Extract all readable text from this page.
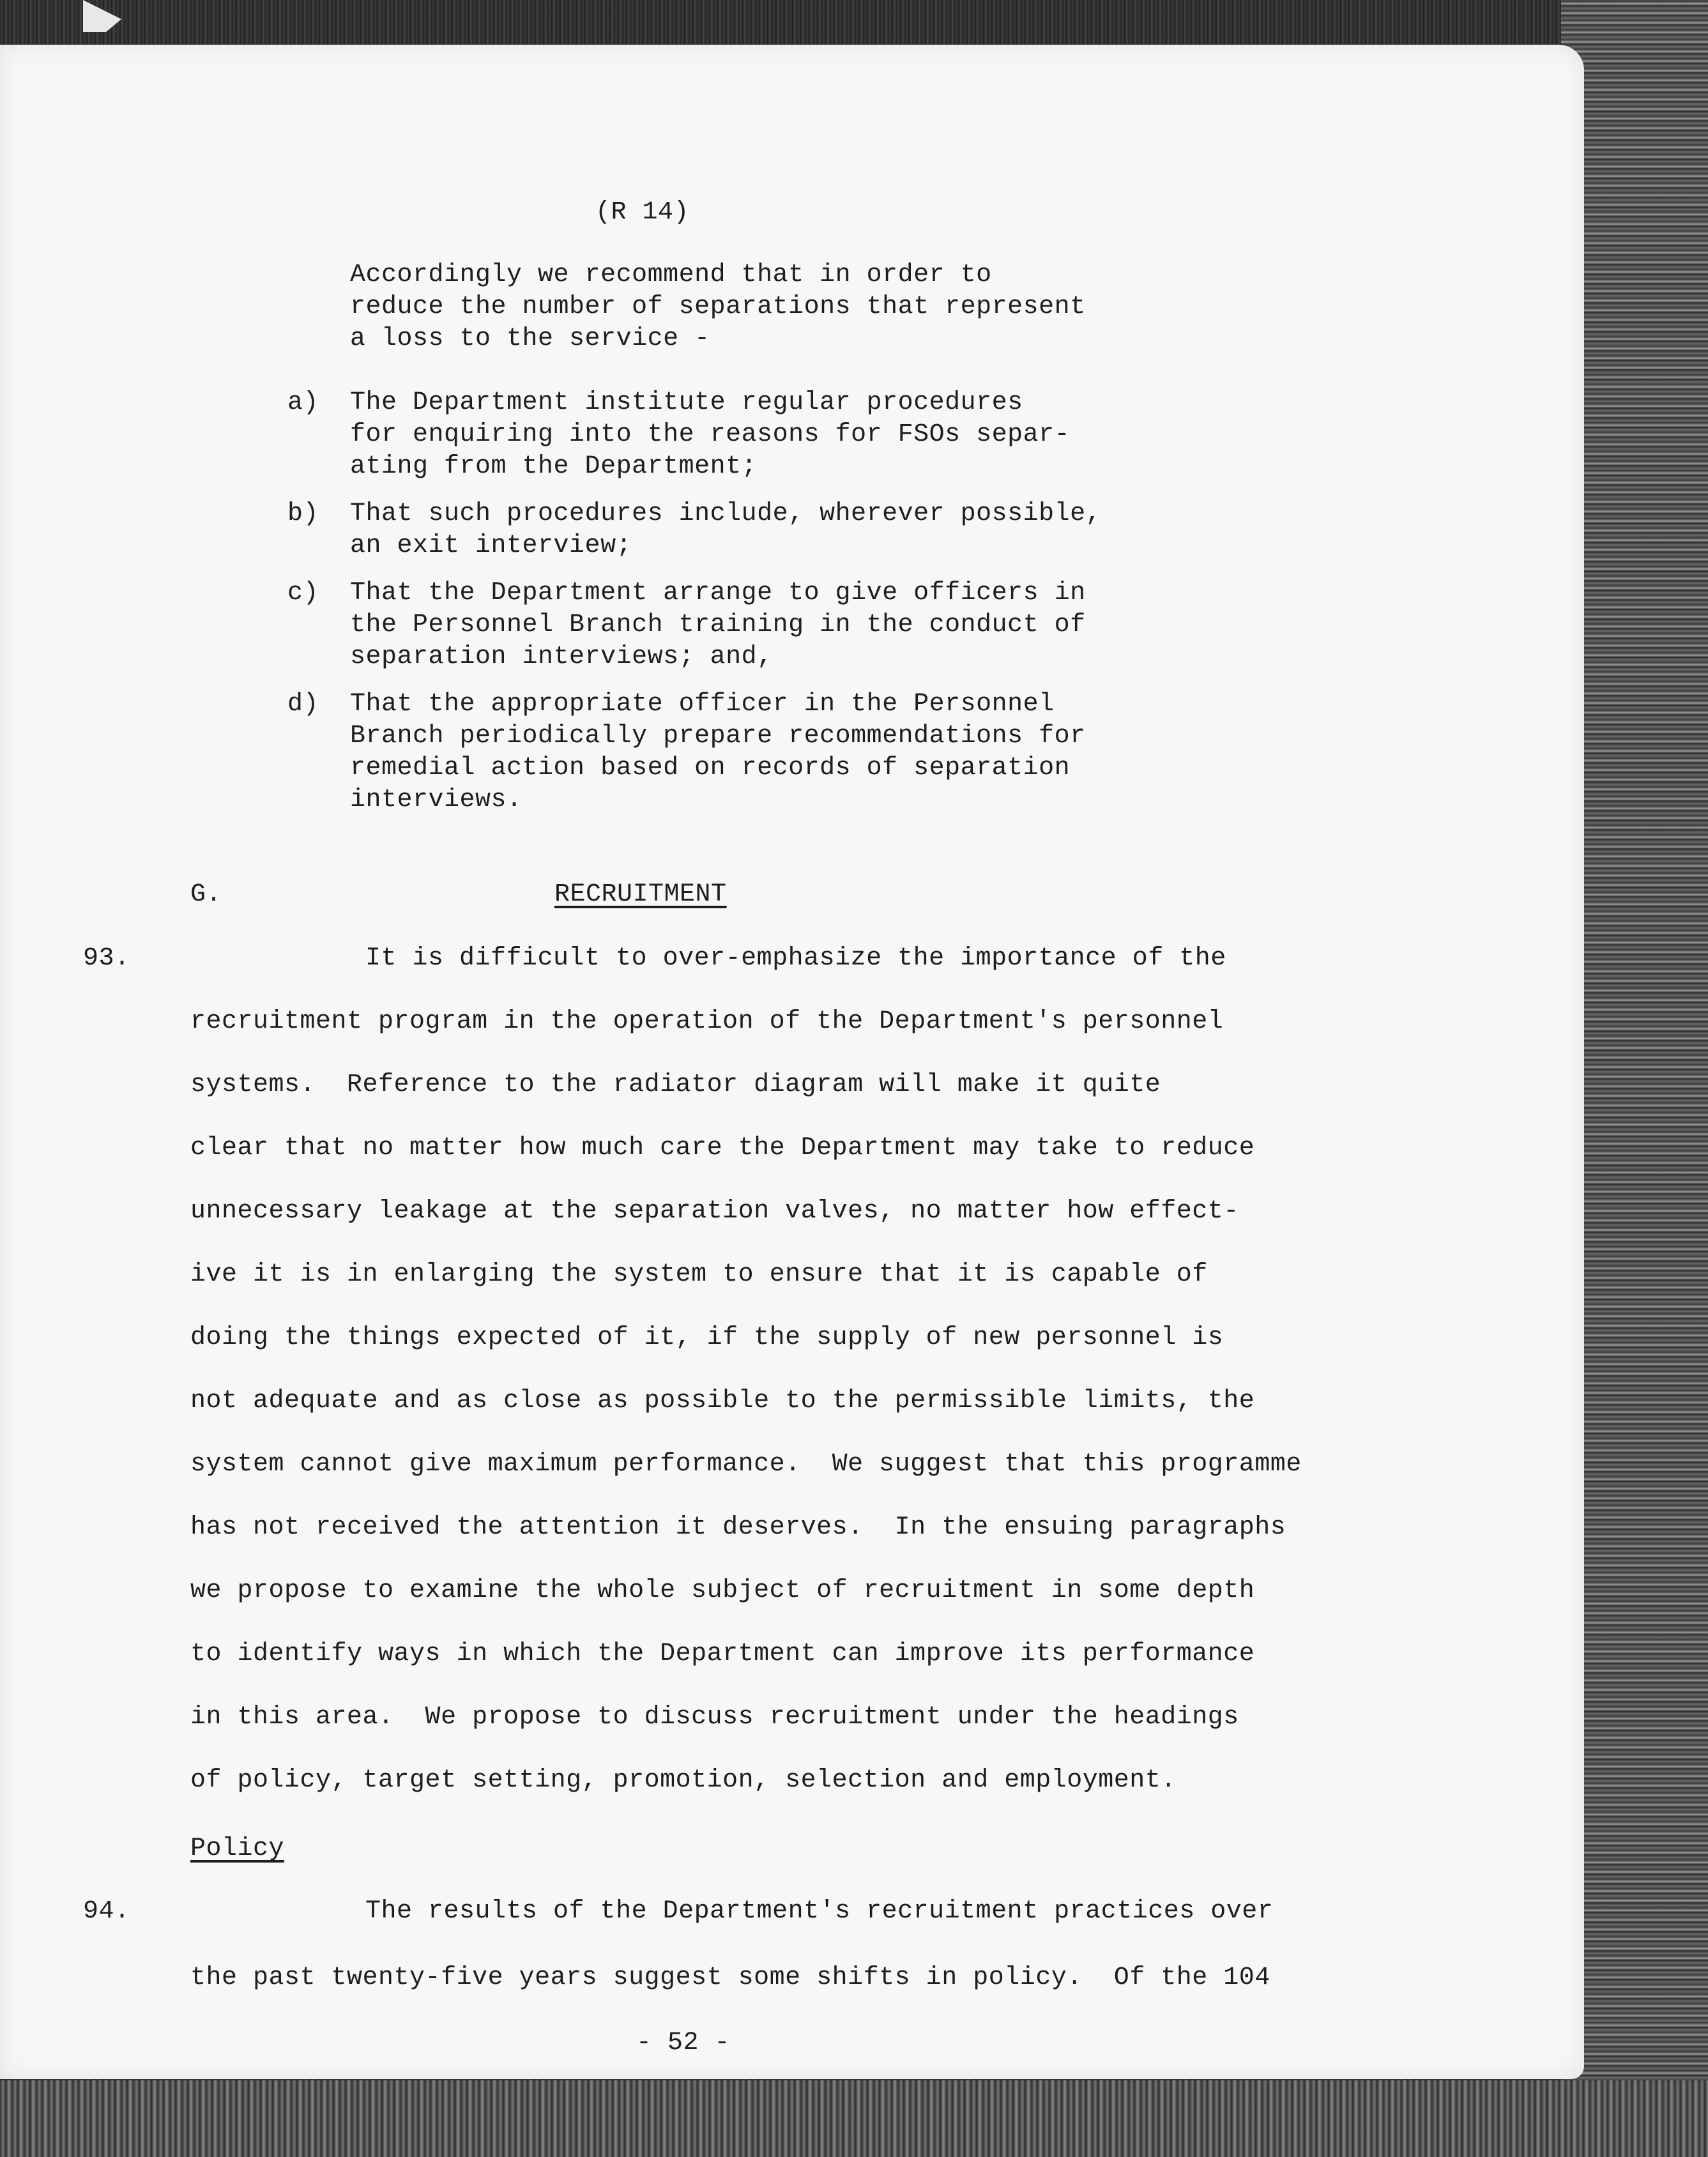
(R 14)
Accordingly we recommend that in order to
reduce the number of separations that represent
a loss to the service -
a) The Department institute regular procedures
for enquiring into the reasons for FSOs separ-
ating from the Department;
b) That such procedures include, wherever possible,
an exit interview;
c) That the Department arrange to give officers in
the Personnel Branch training in the conduct of
separation interviews; and,
d) That the appropriate officer in the Personnel
Branch periodically prepare recommendations for
remedial action based on records of separation
interviews.
G.	RECRUITMENT
93.	It is difficult to over-emphasize the importance of the
recruitment program in the operation of the Department's personnel
systems.  Reference to the radiator diagram will make it quite
clear that no matter how much care the Department may take to reduce
unnecessary leakage at the separation valves, no matter how effect-
ive it is in enlarging the system to ensure that it is capable of
doing the things expected of it, if the supply of new personnel is
not adequate and as close as possible to the permissible limits, the
system cannot give maximum performance.  We suggest that this programme
has not received the attention it deserves.  In the ensuing paragraphs
we propose to examine the whole subject of recruitment in some depth
to identify ways in which the Department can improve its performance
in this area.  We propose to discuss recruitment under the headings
of policy, target setting, promotion, selection and employment.
Policy
94.	The results of the Department's recruitment practices over
the past twenty-five years suggest some shifts in policy.  Of the 104
- 52 -
